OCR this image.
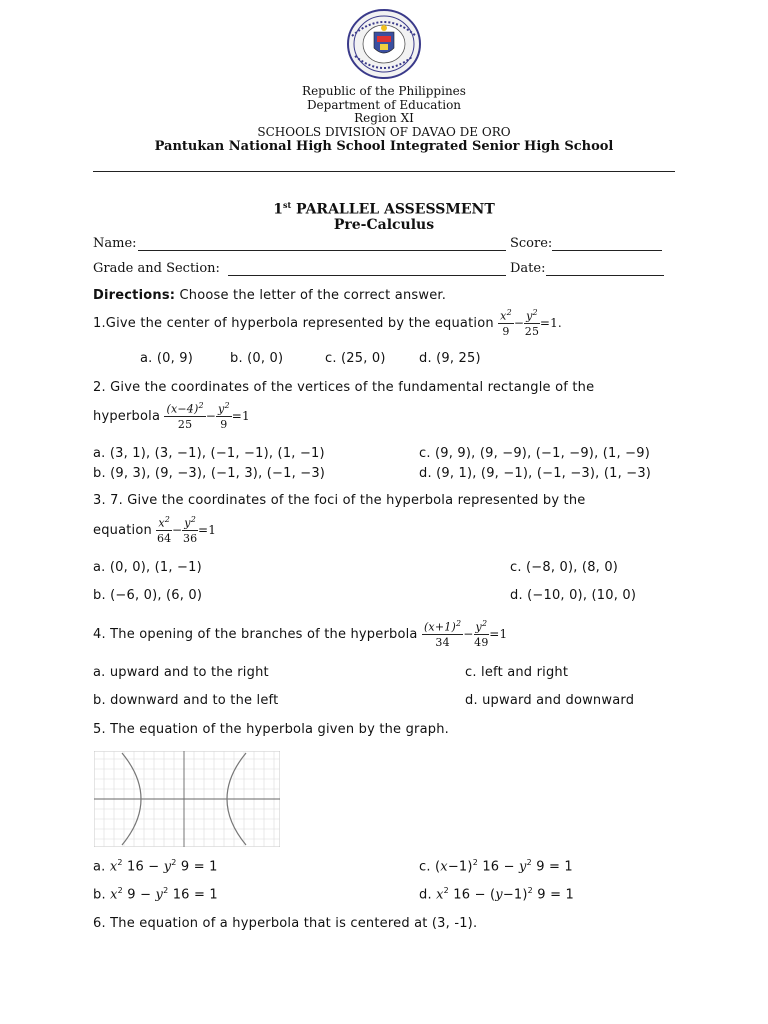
Republic of the Philippines
Department of Education
Region XI
SCHOOLS DIVISION OF DAVAO DE ORO
Pantukan National High School Integrated Senior High School
1st PARALLEL ASSESSMENT
Pre-Calculus
Name:	Score:
Grade and Section:	Date:
Directions: Choose the letter of the correct answer.
1.Give the center of hyperbola represented by the equation
$\frac{x^2}{9} - \frac{y^2}{25} =1$.
a. (0, 9)	b. (0, 0)	c. (25, 0)	d. (9, 25)
2. Give the coordinates of the vertices of the fundamental rectangle of the
hyperbola
$\frac{(x-4)^2}{25} - \frac{y^2}{9} =1$
a. (3, 1), (3, −1), (−1, −1), (1, −1)	c. (9, 9), (9, −9), (−1, −9), (1, −9)
b. (9, 3), (9, −3), (−1, 3), (−1, −3)	d. (9, 1), (9, −1), (−1, −3), (1, −3)
3. 7. Give the coordinates of the foci of the hyperbola represented by the
equation
$\frac{x^2}{64} - \frac{y^2}{36} =1$
a. (0, 0), (1, −1)	c. (−8, 0), (8, 0)
b. (−6, 0), (6, 0)	d. (−10, 0), (10, 0)
4. The opening of the branches of the hyperbola
$\frac{(x+1)^2}{34} - \frac{y^2}{49} =1$
a. upward and to the right	c. left and right
b. downward and to the left	d. upward and downward
5. The equation of the hyperbola given by the graph.
a. $x^2$ $16 - y^2$ 9 = 1	c. $(x-1)^2$ $16 - y^2$ 9 = 1
b. $x^2$ $9 - y^2$ 16 = 1	d. $x^2$ $16 - (y-1)^2$ 9 = 1
6. The equation of a hyperbola that is centered at (3, -1).
